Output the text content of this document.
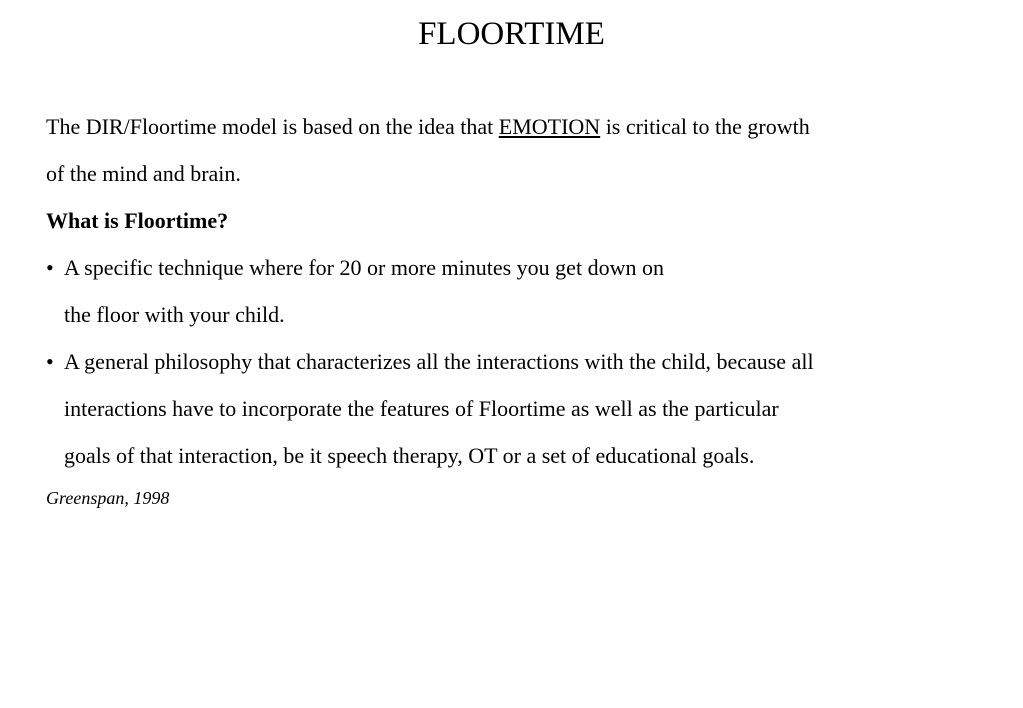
FLOORTIME
The DIR/Floortime model is based on the idea that EMOTION is critical to the growth
of the mind and brain.
What is Floortime?
• A specific technique where for 20 or more minutes you get down on
the floor with your child.
• A general philosophy that characterizes all the interactions with the child, because all
interactions have to incorporate the features of Floortime as well as the particular
goals of that interaction, be it speech therapy, OT or a set of educational goals.
Greenspan, 1998
